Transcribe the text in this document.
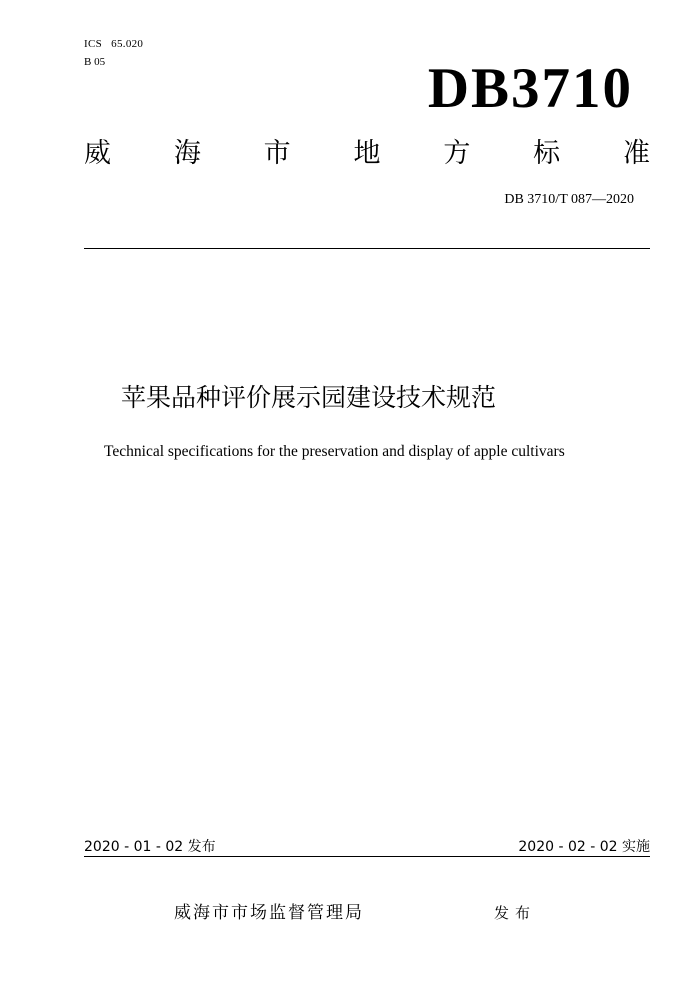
ICS   65.020
B 05	DB3710
威 海 市 地 方 标 准
DB 3710/T 087—2020
苹果品种评价展示园建设技术规范
Technical specifications for the preservation and display of apple cultivars
2020 - 01 - 02 发布	2020 - 02 - 02 实施
威海市市场监督管理局	发布
